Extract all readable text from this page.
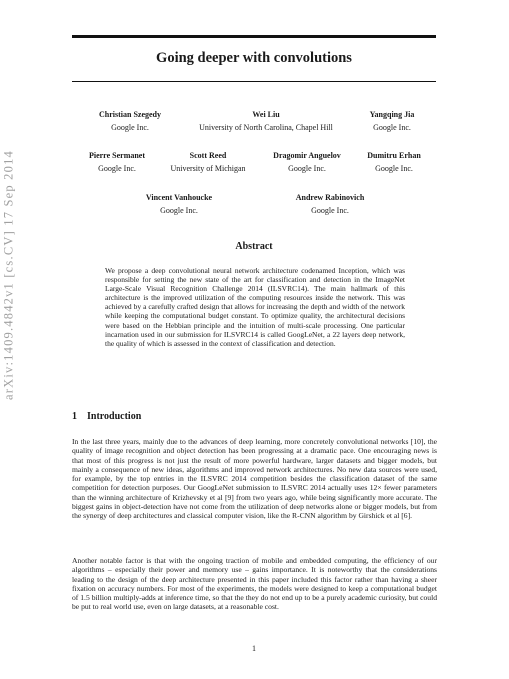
arXiv:1409.4842v1 [cs.CV] 17 Sep 2014
Going deeper with convolutions
Christian Szegedy
Google Inc.
Wei Liu
University of North Carolina, Chapel Hill
Yangqing Jia
Google Inc.
Pierre Sermanet
Google Inc.
Scott Reed
University of Michigan
Dragomir Anguelov
Google Inc.
Dumitru Erhan
Google Inc.
Vincent Vanhoucke
Google Inc.
Andrew Rabinovich
Google Inc.
Abstract
We propose a deep convolutional neural network architecture codenamed Inception, which was responsible for setting the new state of the art for classification and detection in the ImageNet Large-Scale Visual Recognition Challenge 2014 (ILSVRC14). The main hallmark of this architecture is the improved utilization of the computing resources inside the network. This was achieved by a carefully crafted design that allows for increasing the depth and width of the network while keeping the computational budget constant. To optimize quality, the architectural decisions were based on the Hebbian principle and the intuition of multi-scale processing. One particular incarnation used in our submission for ILSVRC14 is called GoogLeNet, a 22 layers deep network, the quality of which is assessed in the context of classification and detection.
1 Introduction
In the last three years, mainly due to the advances of deep learning, more concretely convolutional networks [10], the quality of image recognition and object detection has been progressing at a dramatic pace. One encouraging news is that most of this progress is not just the result of more powerful hardware, larger datasets and bigger models, but mainly a consequence of new ideas, algorithms and improved network architectures. No new data sources were used, for example, by the top entries in the ILSVRC 2014 competition besides the classification dataset of the same competition for detection purposes. Our GoogLeNet submission to ILSVRC 2014 actually uses 12× fewer parameters than the winning architecture of Krizhevsky et al [9] from two years ago, while being significantly more accurate. The biggest gains in object-detection have not come from the utilization of deep networks alone or bigger models, but from the synergy of deep architectures and classical computer vision, like the R-CNN algorithm by Girshick et al [6].
Another notable factor is that with the ongoing traction of mobile and embedded computing, the efficiency of our algorithms – especially their power and memory use – gains importance. It is noteworthy that the considerations leading to the design of the deep architecture presented in this paper included this factor rather than having a sheer fixation on accuracy numbers. For most of the experiments, the models were designed to keep a computational budget of 1.5 billion multiply-adds at inference time, so that the they do not end up to be a purely academic curiosity, but could be put to real world use, even on large datasets, at a reasonable cost.
1
